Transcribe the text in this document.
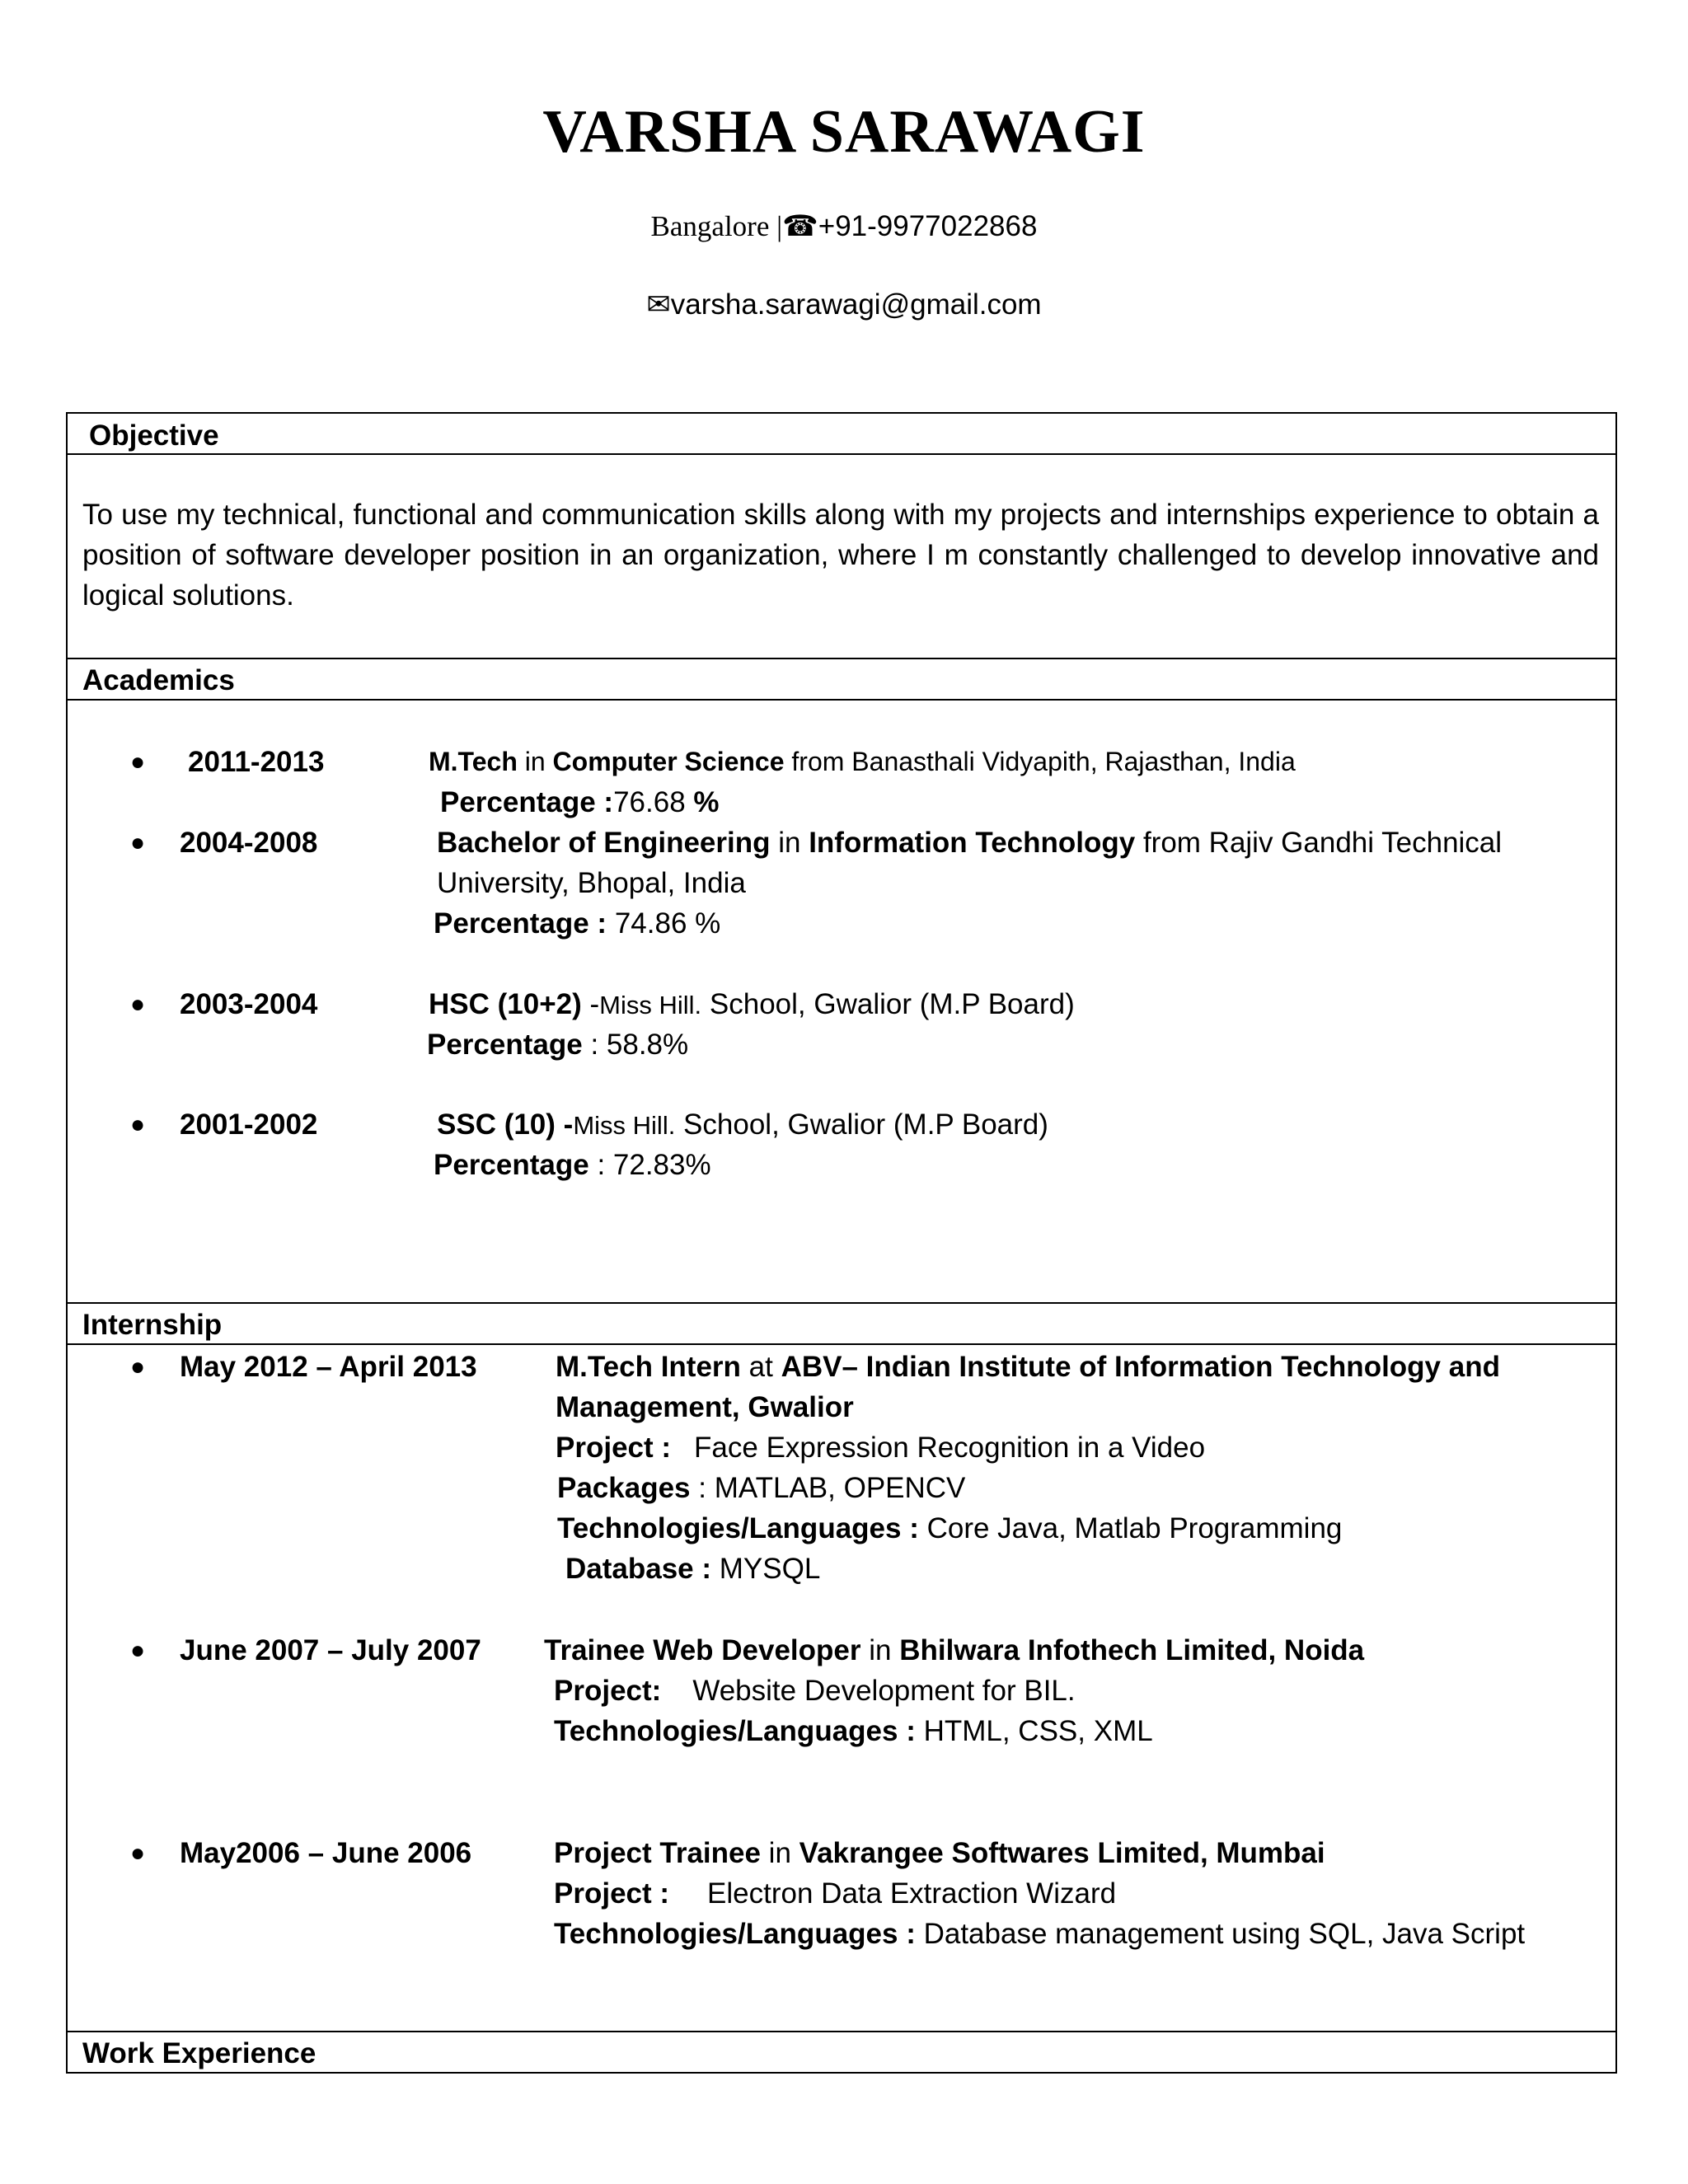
VARSHA SARAWAGI
Bangalore |☎+91-9977022868
✉varsha.sarawagi@gmail.com
Objective
To use my technical, functional and communication skills along with my projects and internships experience to obtain a position of software developer position in an organization, where I m constantly challenged to develop innovative and logical solutions.
Academics
● 2011-2013	M.Tech in Computer Science from Banasthali Vidyapith, Rajasthan, India
Percentage :76.68 %
● 2004-2008	Bachelor of Engineering in Information Technology from Rajiv Gandhi Technical
University, Bhopal, India
Percentage : 74.86 %
● 2003-2004	HSC (10+2) -Miss Hill. School, Gwalior (M.P Board)
Percentage : 58.8%
● 2001-2002	SSC (10) -Miss Hill. School, Gwalior (M.P Board)
Percentage : 72.83%
Internship
● May 2012 – April 2013	M.Tech Intern at ABV– Indian Institute of Information Technology and
Management, Gwalior
Project : Face Expression Recognition in a Video
Packages : MATLAB, OPENCV
Technologies/Languages : Core Java, Matlab Programming
Database : MYSQL
● June 2007 – July 2007 Trainee Web Developer in Bhilwara Infothech Limited, Noida
Project: Website Development for BIL.
Technologies/Languages : HTML, CSS, XML
● May2006 – June 2006	Project Trainee in Vakrangee Softwares Limited, Mumbai
Project : Electron Data Extraction Wizard
Technologies/Languages : Database management using SQL, Java Script
Work Experience
